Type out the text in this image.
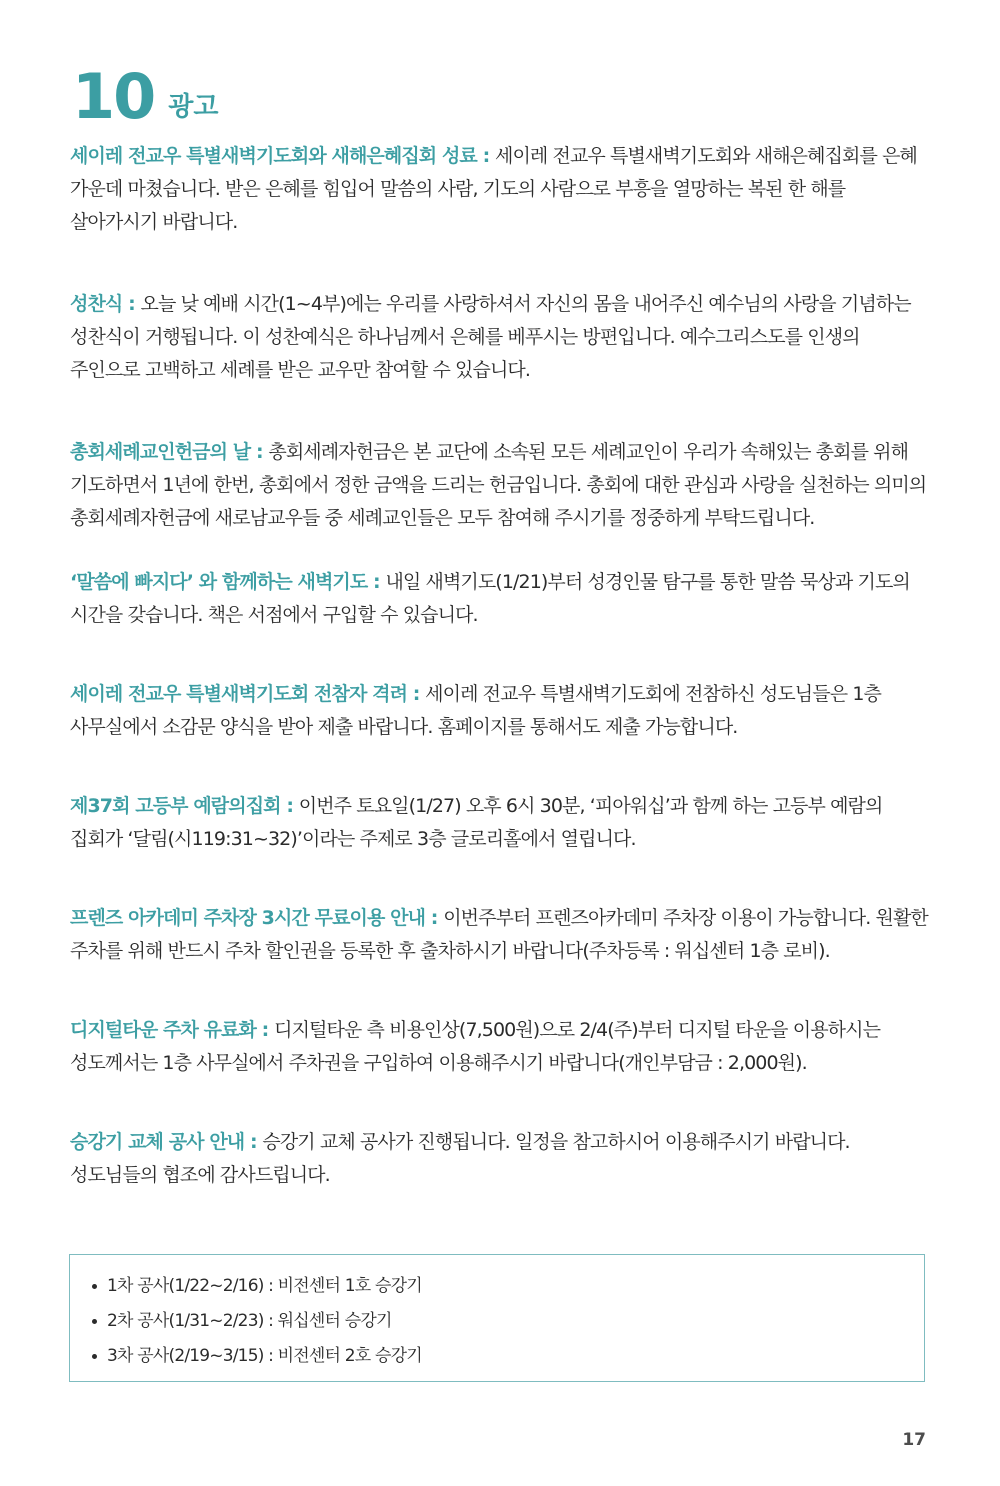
10 광고
세이레 전교우 특별새벽기도회와 새해은혜집회 성료 : 세이레 전교우 특별새벽기도회와 새해은혜집회를 은혜 가운데 마쳤습니다. 받은 은혜를 힘입어 말씀의 사람, 기도의 사람으로 부흥을 열망하는 복된 한 해를 살아가시기 바랍니다.
성찬식 : 오늘 낮 예배 시간(1~4부)에는 우리를 사랑하셔서 자신의 몸을 내어주신 예수님의 사랑을 기념하는 성찬식이 거행됩니다. 이 성찬예식은 하나님께서 은혜를 베푸시는 방편입니다. 예수그리스도를 인생의 주인으로 고백하고 세례를 받은 교우만 참여할 수 있습니다.
총회세례교인헌금의 날 : 총회세례자헌금은 본 교단에 소속된 모든 세례교인이 우리가 속해있는 총회를 위해 기도하면서 1년에 한번, 총회에서 정한 금액을 드리는 헌금입니다. 총회에 대한 관심과 사랑을 실천하는 의미의 총회세례자헌금에 새로남교우들 중 세례교인들은 모두 참여해 주시기를 정중하게 부탁드립니다.
‘말씀에 빠지다’ 와 함께하는 새벽기도 : 내일 새벽기도(1/21)부터 성경인물 탐구를 통한 말씀 묵상과 기도의 시간을 갖습니다. 책은 서점에서 구입할 수 있습니다.
세이레 전교우 특별새벽기도회 전참자 격려 : 세이레 전교우 특별새벽기도회에 전참하신 성도님들은 1층 사무실에서 소감문 양식을 받아 제출 바랍니다. 홈페이지를 통해서도 제출 가능합니다.
제37회 고등부 예람의집회 : 이번주 토요일(1/27) 오후 6시 30분, ‘피아워십’과 함께 하는 고등부 예람의 집회가 ‘달림(시119:31~32)’이라는 주제로 3층 글로리홀에서 열립니다.
프렌즈 아카데미 주차장 3시간 무료이용 안내 : 이번주부터 프렌즈아카데미 주차장 이용이 가능합니다. 원활한 주차를 위해 반드시 주차 할인권을 등록한 후 출차하시기 바랍니다(주차등록 : 워십센터 1층 로비).
디지털타운 주차 유료화 : 디지털타운 측 비용인상(7,500원)으로 2/4(주)부터 디지털 타운을 이용하시는 성도께서는 1층 사무실에서 주차권을 구입하여 이용해주시기 바랍니다(개인부담금 : 2,000원).
승강기 교체 공사 안내 : 승강기 교체 공사가 진행됩니다. 일정을 참고하시어 이용해주시기 바랍니다. 성도님들의 협조에 감사드립니다.
1차 공사(1/22~2/16) : 비전센터 1호 승강기
2차 공사(1/31~2/23) : 워십센터 승강기
3차 공사(2/19~3/15) : 비전센터 2호 승강기
17
